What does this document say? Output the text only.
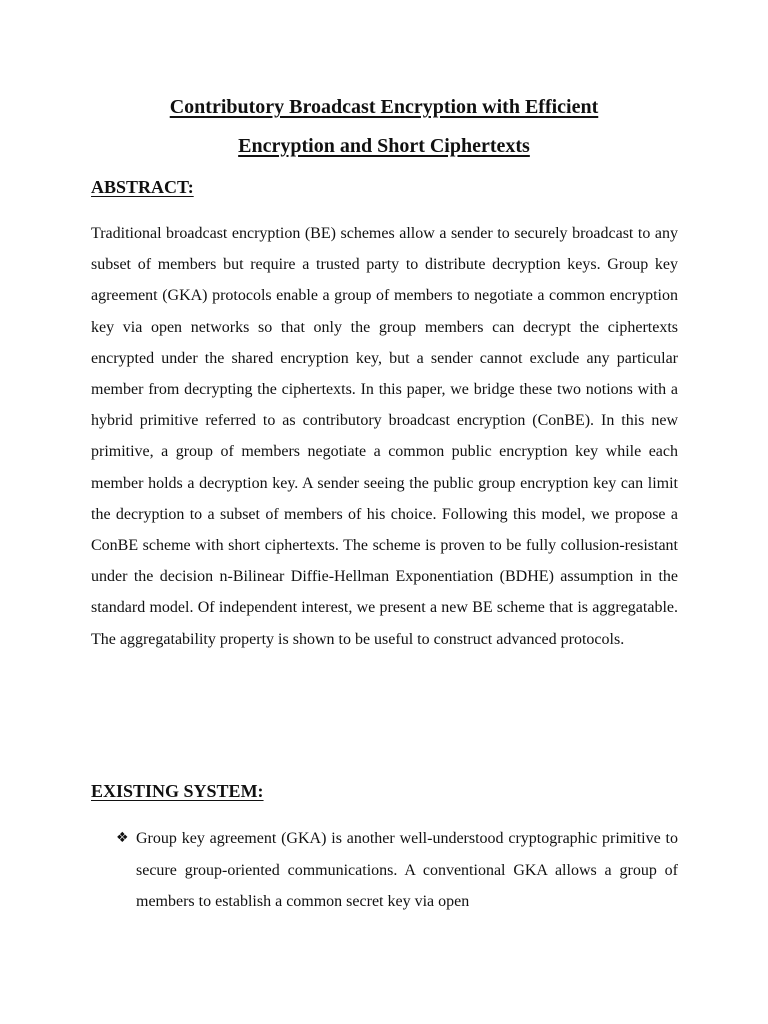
Contributory Broadcast Encryption with Efficient
Encryption and Short Ciphertexts
ABSTRACT:

Traditional broadcast encryption (BE) schemes allow a sender to securely broadcast to any subset of members but require a trusted party to distribute decryption keys. Group key agreement (GKA) protocols enable a group of members to negotiate a common encryption key via open networks so that only the group members can decrypt the ciphertexts encrypted under the shared encryption key, but a sender cannot exclude any particular member from decrypting the ciphertexts. In this paper, we bridge these two notions with a hybrid primitive referred to as contributory broadcast encryption (ConBE). In this new primitive, a group of members negotiate a common public encryption key while each member holds a decryption key. A sender seeing the public group encryption key can limit the decryption to a subset of members of his choice. Following this model, we propose a ConBE scheme with short ciphertexts. The scheme is proven to be fully collusion-resistant under the decision n-Bilinear Diffie-Hellman Exponentiation (BDHE) assumption in the standard model. Of independent interest, we present a new BE scheme that is aggregatable. The aggregatability property is shown to be useful to construct advanced protocols.

EXISTING SYSTEM:
❖ Group key agreement (GKA) is another well-understood cryptographic primitive to secure group-oriented communications. A conventional GKA allows a group of members to establish a common secret key via open
